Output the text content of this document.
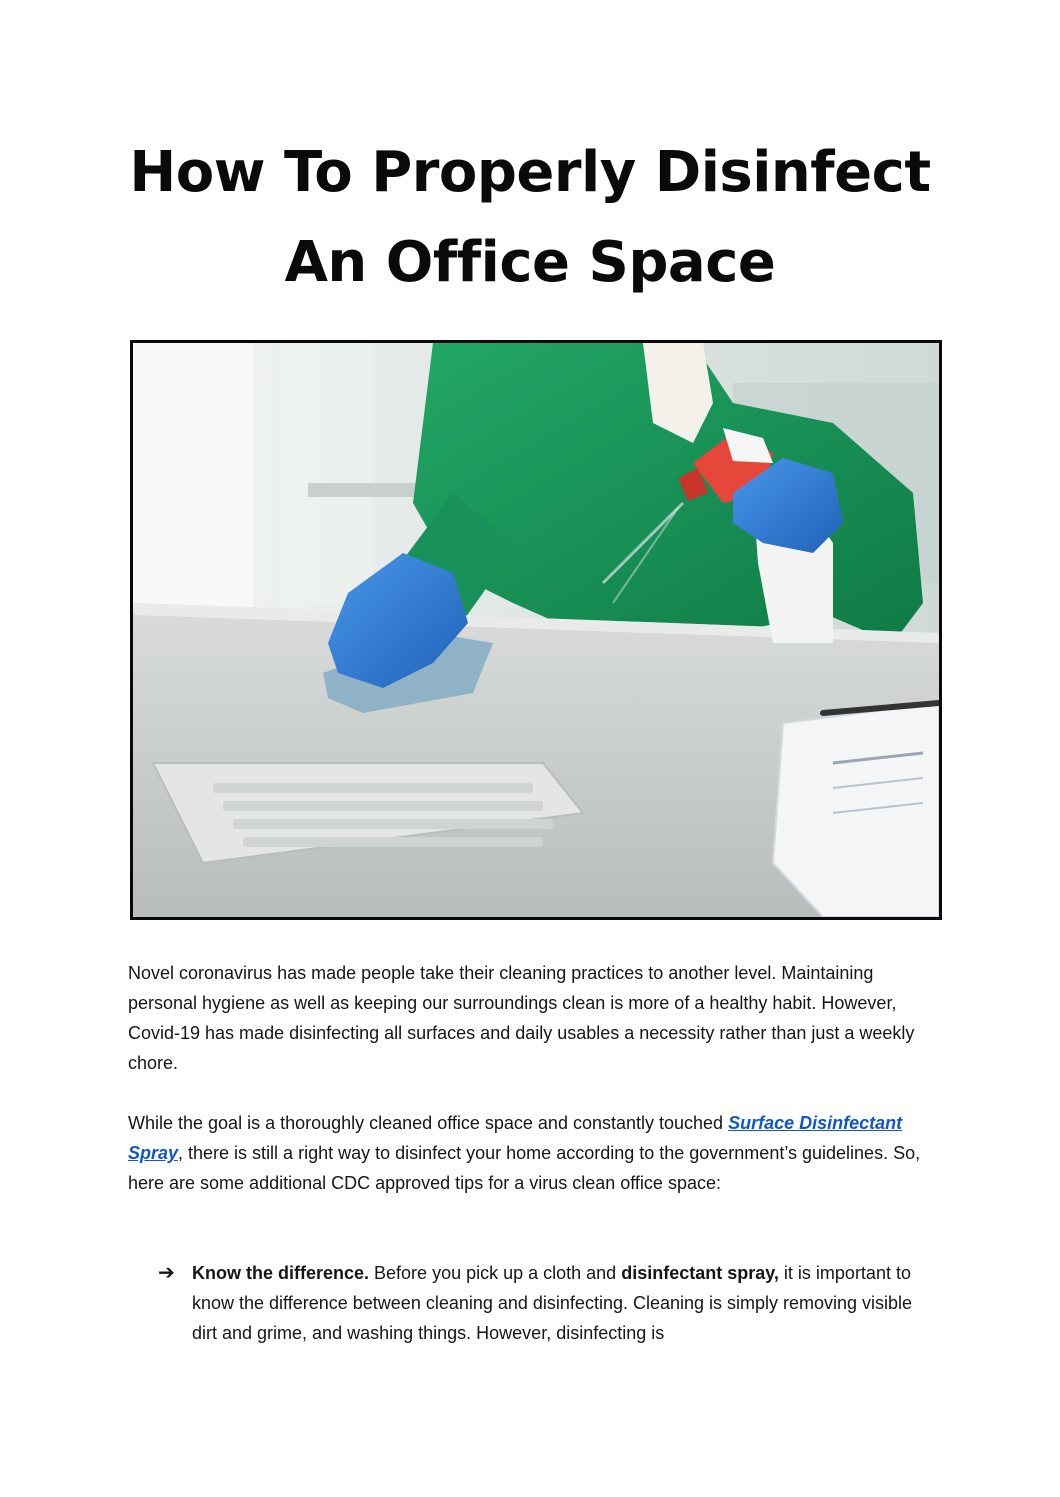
How To Properly Disinfect An Office Space

Novel coronavirus has made people take their cleaning practices to another level. Maintaining personal hygiene as well as keeping our surroundings clean is more of a healthy habit. However, Covid-19 has made disinfecting all surfaces and daily usables a necessity rather than just a weekly chore.

While the goal is a thoroughly cleaned office space and constantly touched Surface Disinfectant Spray, there is still a right way to disinfect your home according to the government’s guidelines. So, here are some additional CDC approved tips for a virus clean office space:

➔ Know the difference. Before you pick up a cloth and disinfectant spray, it is important to know the difference between cleaning and disinfecting. Cleaning is simply removing visible dirt and grime, and washing things. However, disinfecting is
